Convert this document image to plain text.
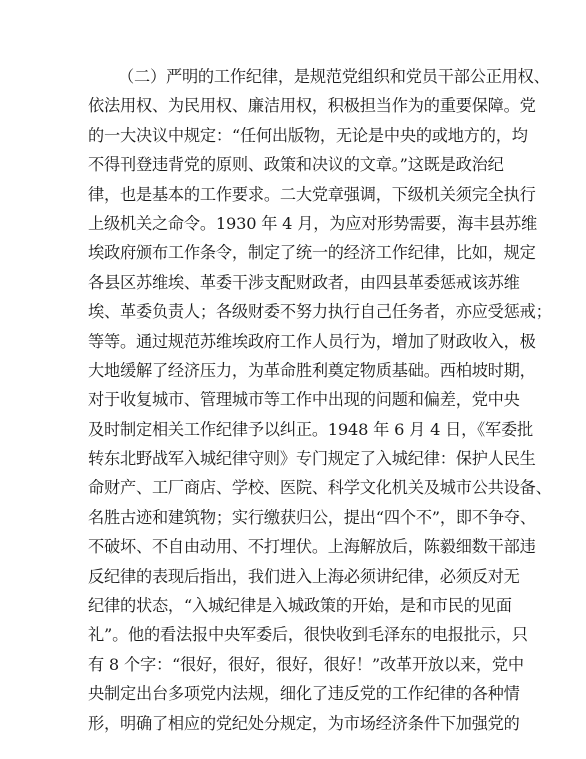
（二）严明的工作纪律，是规范党组织和党员干部公正用权、
依法用权、为民用权、廉洁用权，积极担当作为的重要保障。党
的一大决议中规定：“任何出版物，无论是中央的或地方的，均
不得刊登违背党的原则、政策和决议的文章。”这既是政治纪
律，也是基本的工作要求。二大党章强调，下级机关须完全执行
上级机关之命令。1930 年 4 月，为应对形势需要，海丰县苏维
埃政府颁布工作条令，制定了统一的经济工作纪律，比如，规定
各县区苏维埃、革委干涉支配财政者，由四县革委惩戒该苏维
埃、革委负责人；各级财委不努力执行自己任务者，亦应受惩戒；
等等。通过规范苏维埃政府工作人员行为，增加了财政收入，极
大地缓解了经济压力，为革命胜利奠定物质基础。西柏坡时期，
对于收复城市、管理城市等工作中出现的问题和偏差，党中央
及时制定相关工作纪律予以纠正。1948 年 6 月 4 日，《军委批
转东北野战军入城纪律守则》专门规定了入城纪律：保护人民生
命财产、工厂商店、学校、医院、科学文化机关及城市公共设备、
名胜古迹和建筑物；实行缴获归公，提出“四个不”，即不争夺、
不破坏、不自由动用、不打埋伏。上海解放后，陈毅细数干部违
反纪律的表现后指出，我们进入上海必须讲纪律，必须反对无
纪律的状态，“入城纪律是入城政策的开始，是和市民的见面
礼”。他的看法报中央军委后，很快收到毛泽东的电报批示，只
有 8 个字：“很好，很好，很好，很好！”改革开放以来，党中
央制定出台多项党内法规，细化了违反党的工作纪律的各种情
形，明确了相应的党纪处分规定，为市场经济条件下加强党的
